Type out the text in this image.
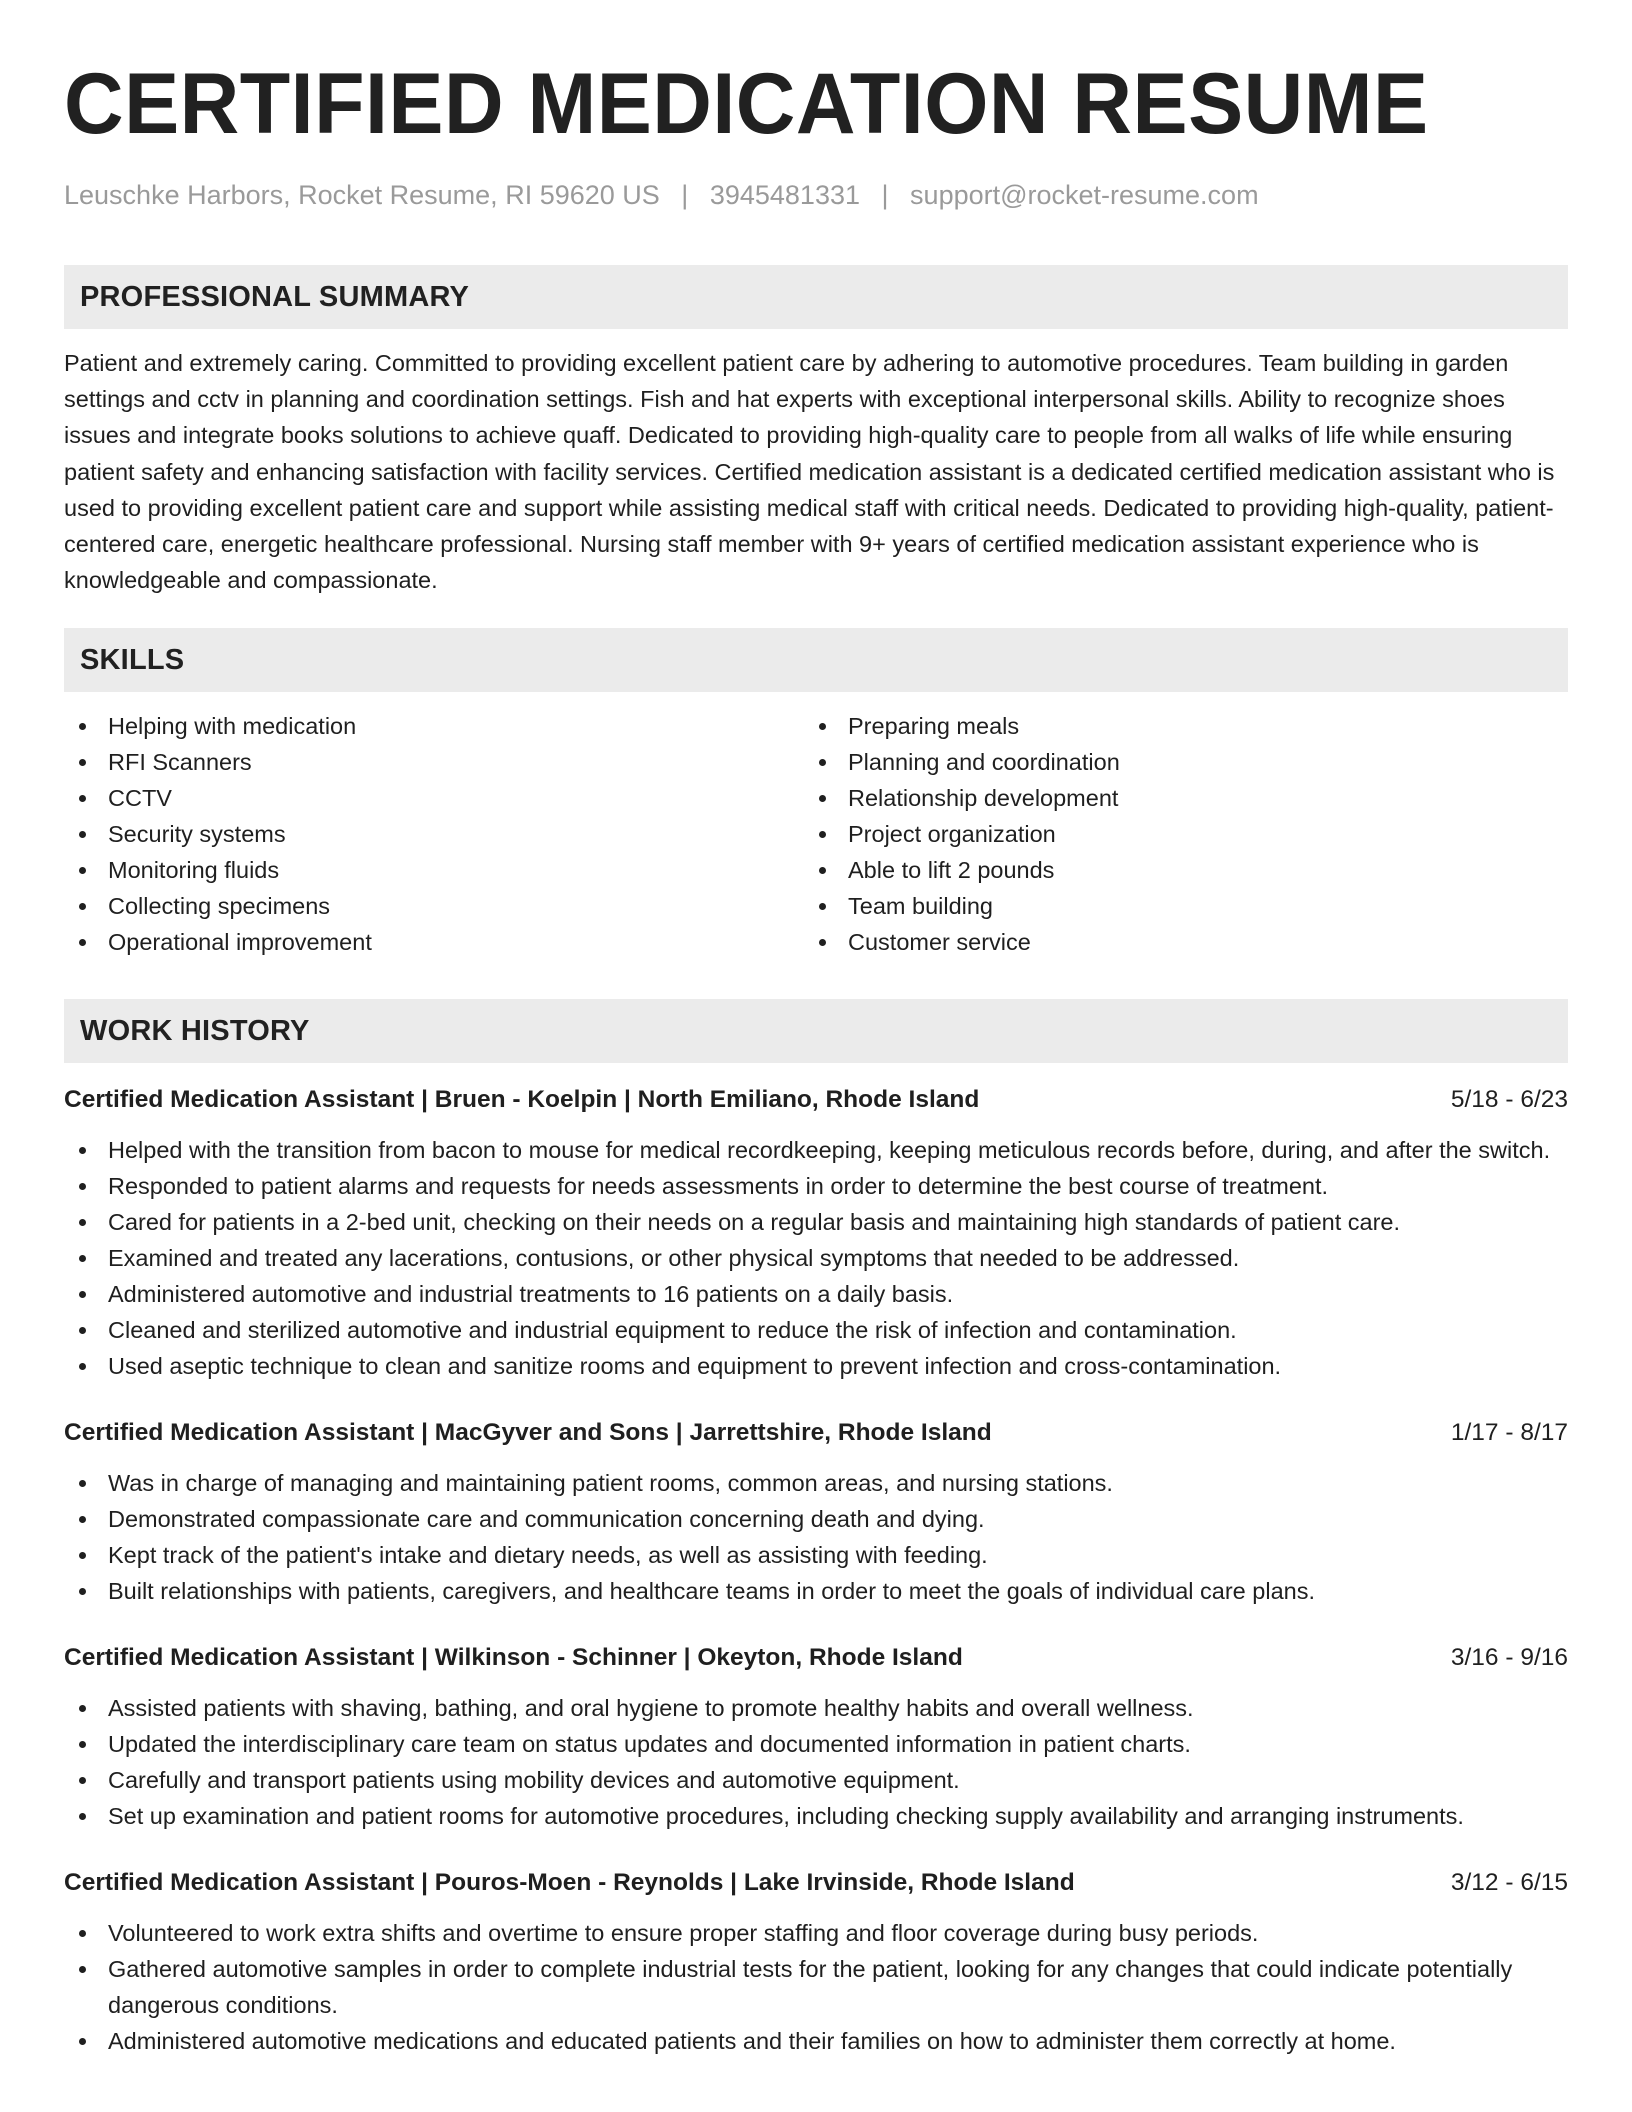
CERTIFIED MEDICATION RESUME
Leuschke Harbors, Rocket Resume, RI 59620 US | 3945481331 | support@rocket-resume.com
PROFESSIONAL SUMMARY

Patient and extremely caring. Committed to providing excellent patient care by adhering to automotive procedures. Team building in garden settings and cctv in planning and coordination settings. Fish and hat experts with exceptional interpersonal skills. Ability to recognize shoes issues and integrate books solutions to achieve quaff. Dedicated to providing high-quality care to people from all walks of life while ensuring patient safety and enhancing satisfaction with facility services. Certified medication assistant is a dedicated certified medication assistant who is used to providing excellent patient care and support while assisting medical staff with critical needs. Dedicated to providing high-quality, patient-centered care, energetic healthcare professional. Nursing staff member with 9+ years of certified medication assistant experience who is knowledgeable and compassionate.

SKILLS
Helping with medication
RFI Scanners
CCTV
Security systems
Monitoring fluids
Collecting specimens
Operational improvement
Preparing meals
Planning and coordination
Relationship development
Project organization
Able to lift 2 pounds
Team building
Customer service
WORK HISTORY
Certified Medication Assistant | Bruen - Koelpin | North Emiliano, Rhode Island	5/18 - 6/23
Helped with the transition from bacon to mouse for medical recordkeeping, keeping meticulous records before, during, and after the switch.
Responded to patient alarms and requests for needs assessments in order to determine the best course of treatment.
Cared for patients in a 2-bed unit, checking on their needs on a regular basis and maintaining high standards of patient care.
Examined and treated any lacerations, contusions, or other physical symptoms that needed to be addressed.
Administered automotive and industrial treatments to 16 patients on a daily basis.
Cleaned and sterilized automotive and industrial equipment to reduce the risk of infection and contamination.
Used aseptic technique to clean and sanitize rooms and equipment to prevent infection and cross-contamination.
Certified Medication Assistant | MacGyver and Sons | Jarrettshire, Rhode Island	1/17 - 8/17
Was in charge of managing and maintaining patient rooms, common areas, and nursing stations.
Demonstrated compassionate care and communication concerning death and dying.
Kept track of the patient's intake and dietary needs, as well as assisting with feeding.
Built relationships with patients, caregivers, and healthcare teams in order to meet the goals of individual care plans.
Certified Medication Assistant | Wilkinson - Schinner | Okeyton, Rhode Island	3/16 - 9/16
Assisted patients with shaving, bathing, and oral hygiene to promote healthy habits and overall wellness.
Updated the interdisciplinary care team on status updates and documented information in patient charts.
Carefully and transport patients using mobility devices and automotive equipment.
Set up examination and patient rooms for automotive procedures, including checking supply availability and arranging instruments.
Certified Medication Assistant | Pouros-Moen - Reynolds | Lake Irvinside, Rhode Island	3/12 - 6/15
Volunteered to work extra shifts and overtime to ensure proper staffing and floor coverage during busy periods.
Gathered automotive samples in order to complete industrial tests for the patient, looking for any changes that could indicate potentially dangerous conditions.
Administered automotive medications and educated patients and their families on how to administer them correctly at home.
